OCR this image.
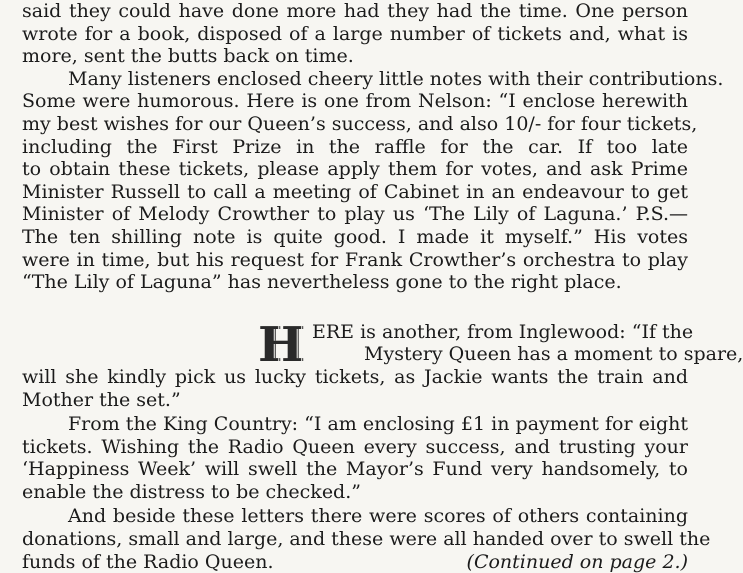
said they could have done more had they had the time. One person
wrote for a book, disposed of a large number of tickets and, what is
more, sent the butts back on time.
Many listeners enclosed cheery little notes with their contributions.
Some were humorous. Here is one from Nelson: “I enclose herewith
my best wishes for our Queen’s success, and also 10/- for four tickets,
including the First Prize in the raffle for the car. If too late
to obtain these tickets, please apply them for votes, and ask Prime
Minister Russell to call a meeting of Cabinet in an endeavour to get
Minister of Melody Crowther to play us ‘The Lily of Laguna.’ P.S.—
The ten shilling note is quite good. I made it myself.” His votes
were in time, but his request for Frank Crowther’s orchestra to play
“The Lily of Laguna” has nevertheless gone to the right place.
H ERE is another, from Inglewood: “If the
Mystery Queen has a moment to spare,
will she kindly pick us lucky tickets, as Jackie wants the train and
Mother the set.”
From the King Country: “I am enclosing £1 in payment for eight
tickets. Wishing the Radio Queen every success, and trusting your
‘Happiness Week’ will swell the Mayor’s Fund very handsomely, to
enable the distress to be checked.”
And beside these letters there were scores of others containing
donations, small and large, and these were all handed over to swell the
funds of the Radio Queen.	(Continued on page 2.)
